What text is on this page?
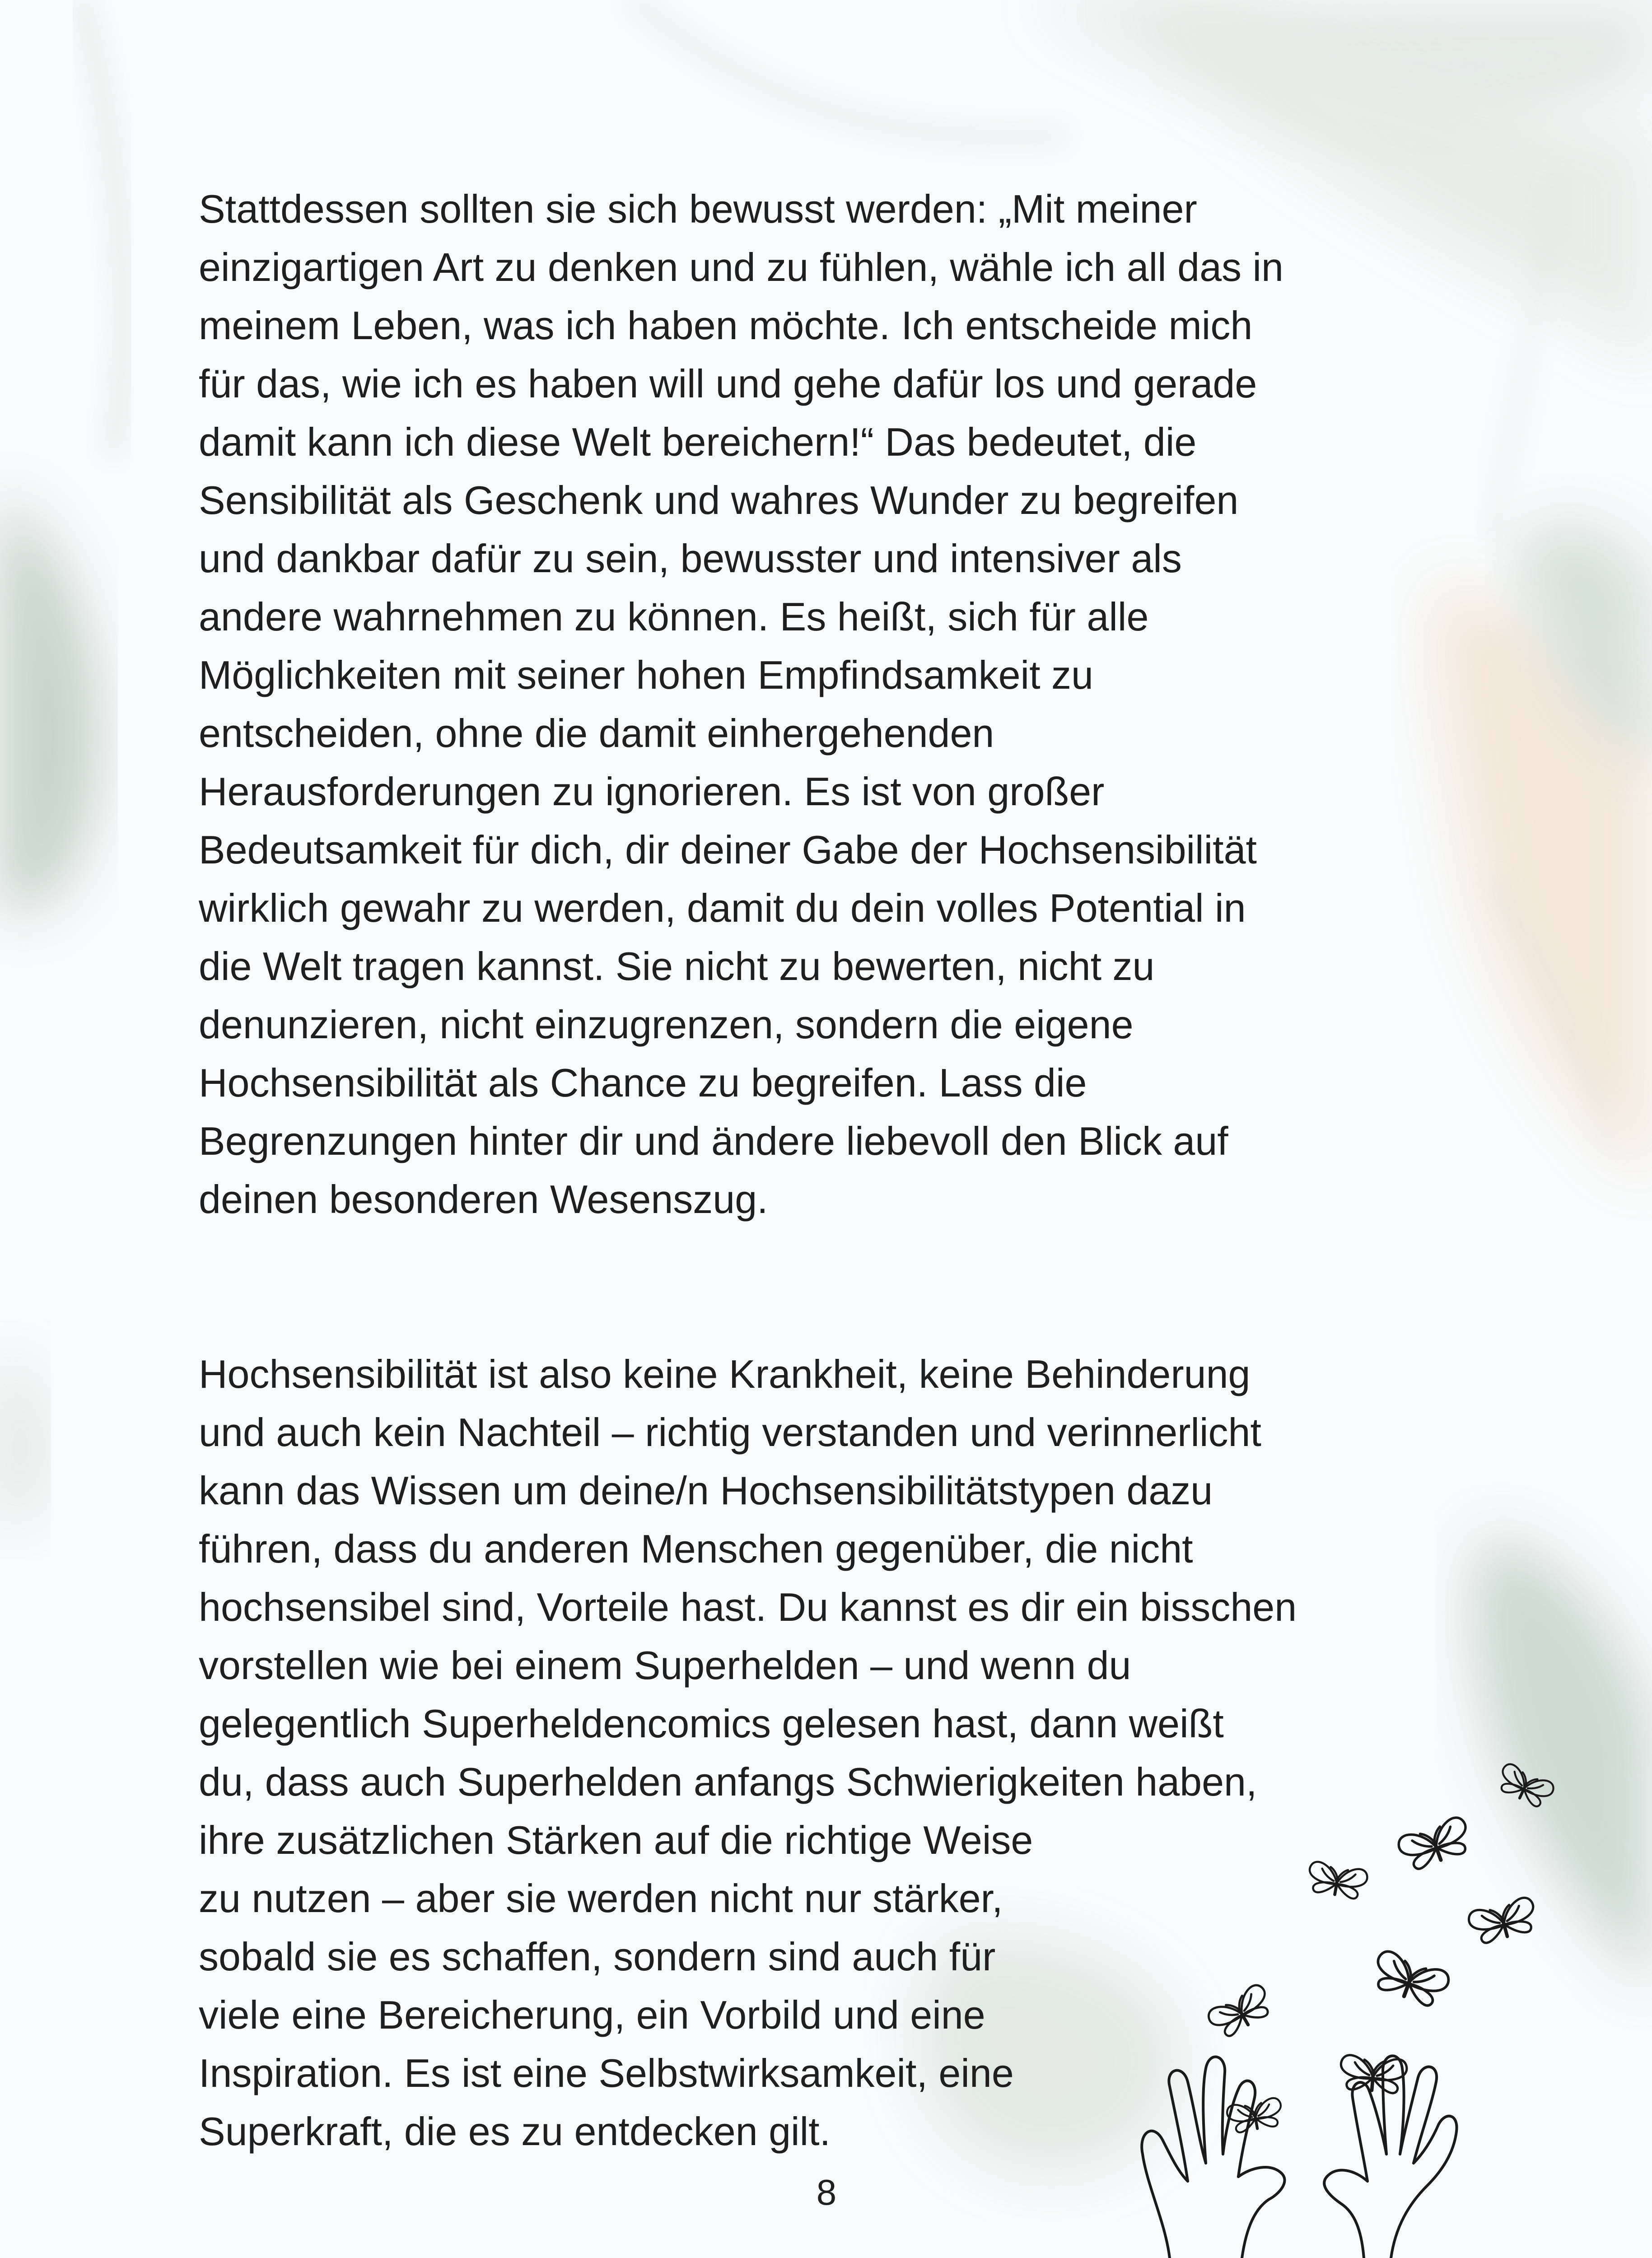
Stattdessen sollten sie sich bewusst werden: „Mit meiner
einzigartigen Art zu denken und zu fühlen, wähle ich all das in
meinem Leben, was ich haben möchte. Ich entscheide mich
für das, wie ich es haben will und gehe dafür los und gerade
damit kann ich diese Welt bereichern!“ Das bedeutet, die
Sensibilität als Geschenk und wahres Wunder zu begreifen
und dankbar dafür zu sein, bewusster und intensiver als
andere wahrnehmen zu können. Es heißt, sich für alle
Möglichkeiten mit seiner hohen Empfindsamkeit zu
entscheiden, ohne die damit einhergehenden
Herausforderungen zu ignorieren. Es ist von großer
Bedeutsamkeit für dich, dir deiner Gabe der Hochsensibilität
wirklich gewahr zu werden, damit du dein volles Potential in
die Welt tragen kannst. Sie nicht zu bewerten, nicht zu
denunzieren, nicht einzugrenzen, sondern die eigene
Hochsensibilität als Chance zu begreifen. Lass die
Begrenzungen hinter dir und ändere liebevoll den Blick auf
deinen besonderen Wesenszug.
Hochsensibilität ist also keine Krankheit, keine Behinderung
und auch kein Nachteil – richtig verstanden und verinnerlicht
kann das Wissen um deine/n Hochsensibilitätstypen dazu
führen, dass du anderen Menschen gegenüber, die nicht
hochsensibel sind, Vorteile hast. Du kannst es dir ein bisschen
vorstellen wie bei einem Superhelden – und wenn du
gelegentlich Superheldencomics gelesen hast, dann weißt
du, dass auch Superhelden anfangs Schwierigkeiten haben,
ihre zusätzlichen Stärken auf die richtige Weise
zu nutzen – aber sie werden nicht nur stärker,
sobald sie es schaffen, sondern sind auch für
viele eine Bereicherung, ein Vorbild und eine
Inspiration. Es ist eine Selbstwirksamkeit, eine
Superkraft, die es zu entdecken gilt.
8
